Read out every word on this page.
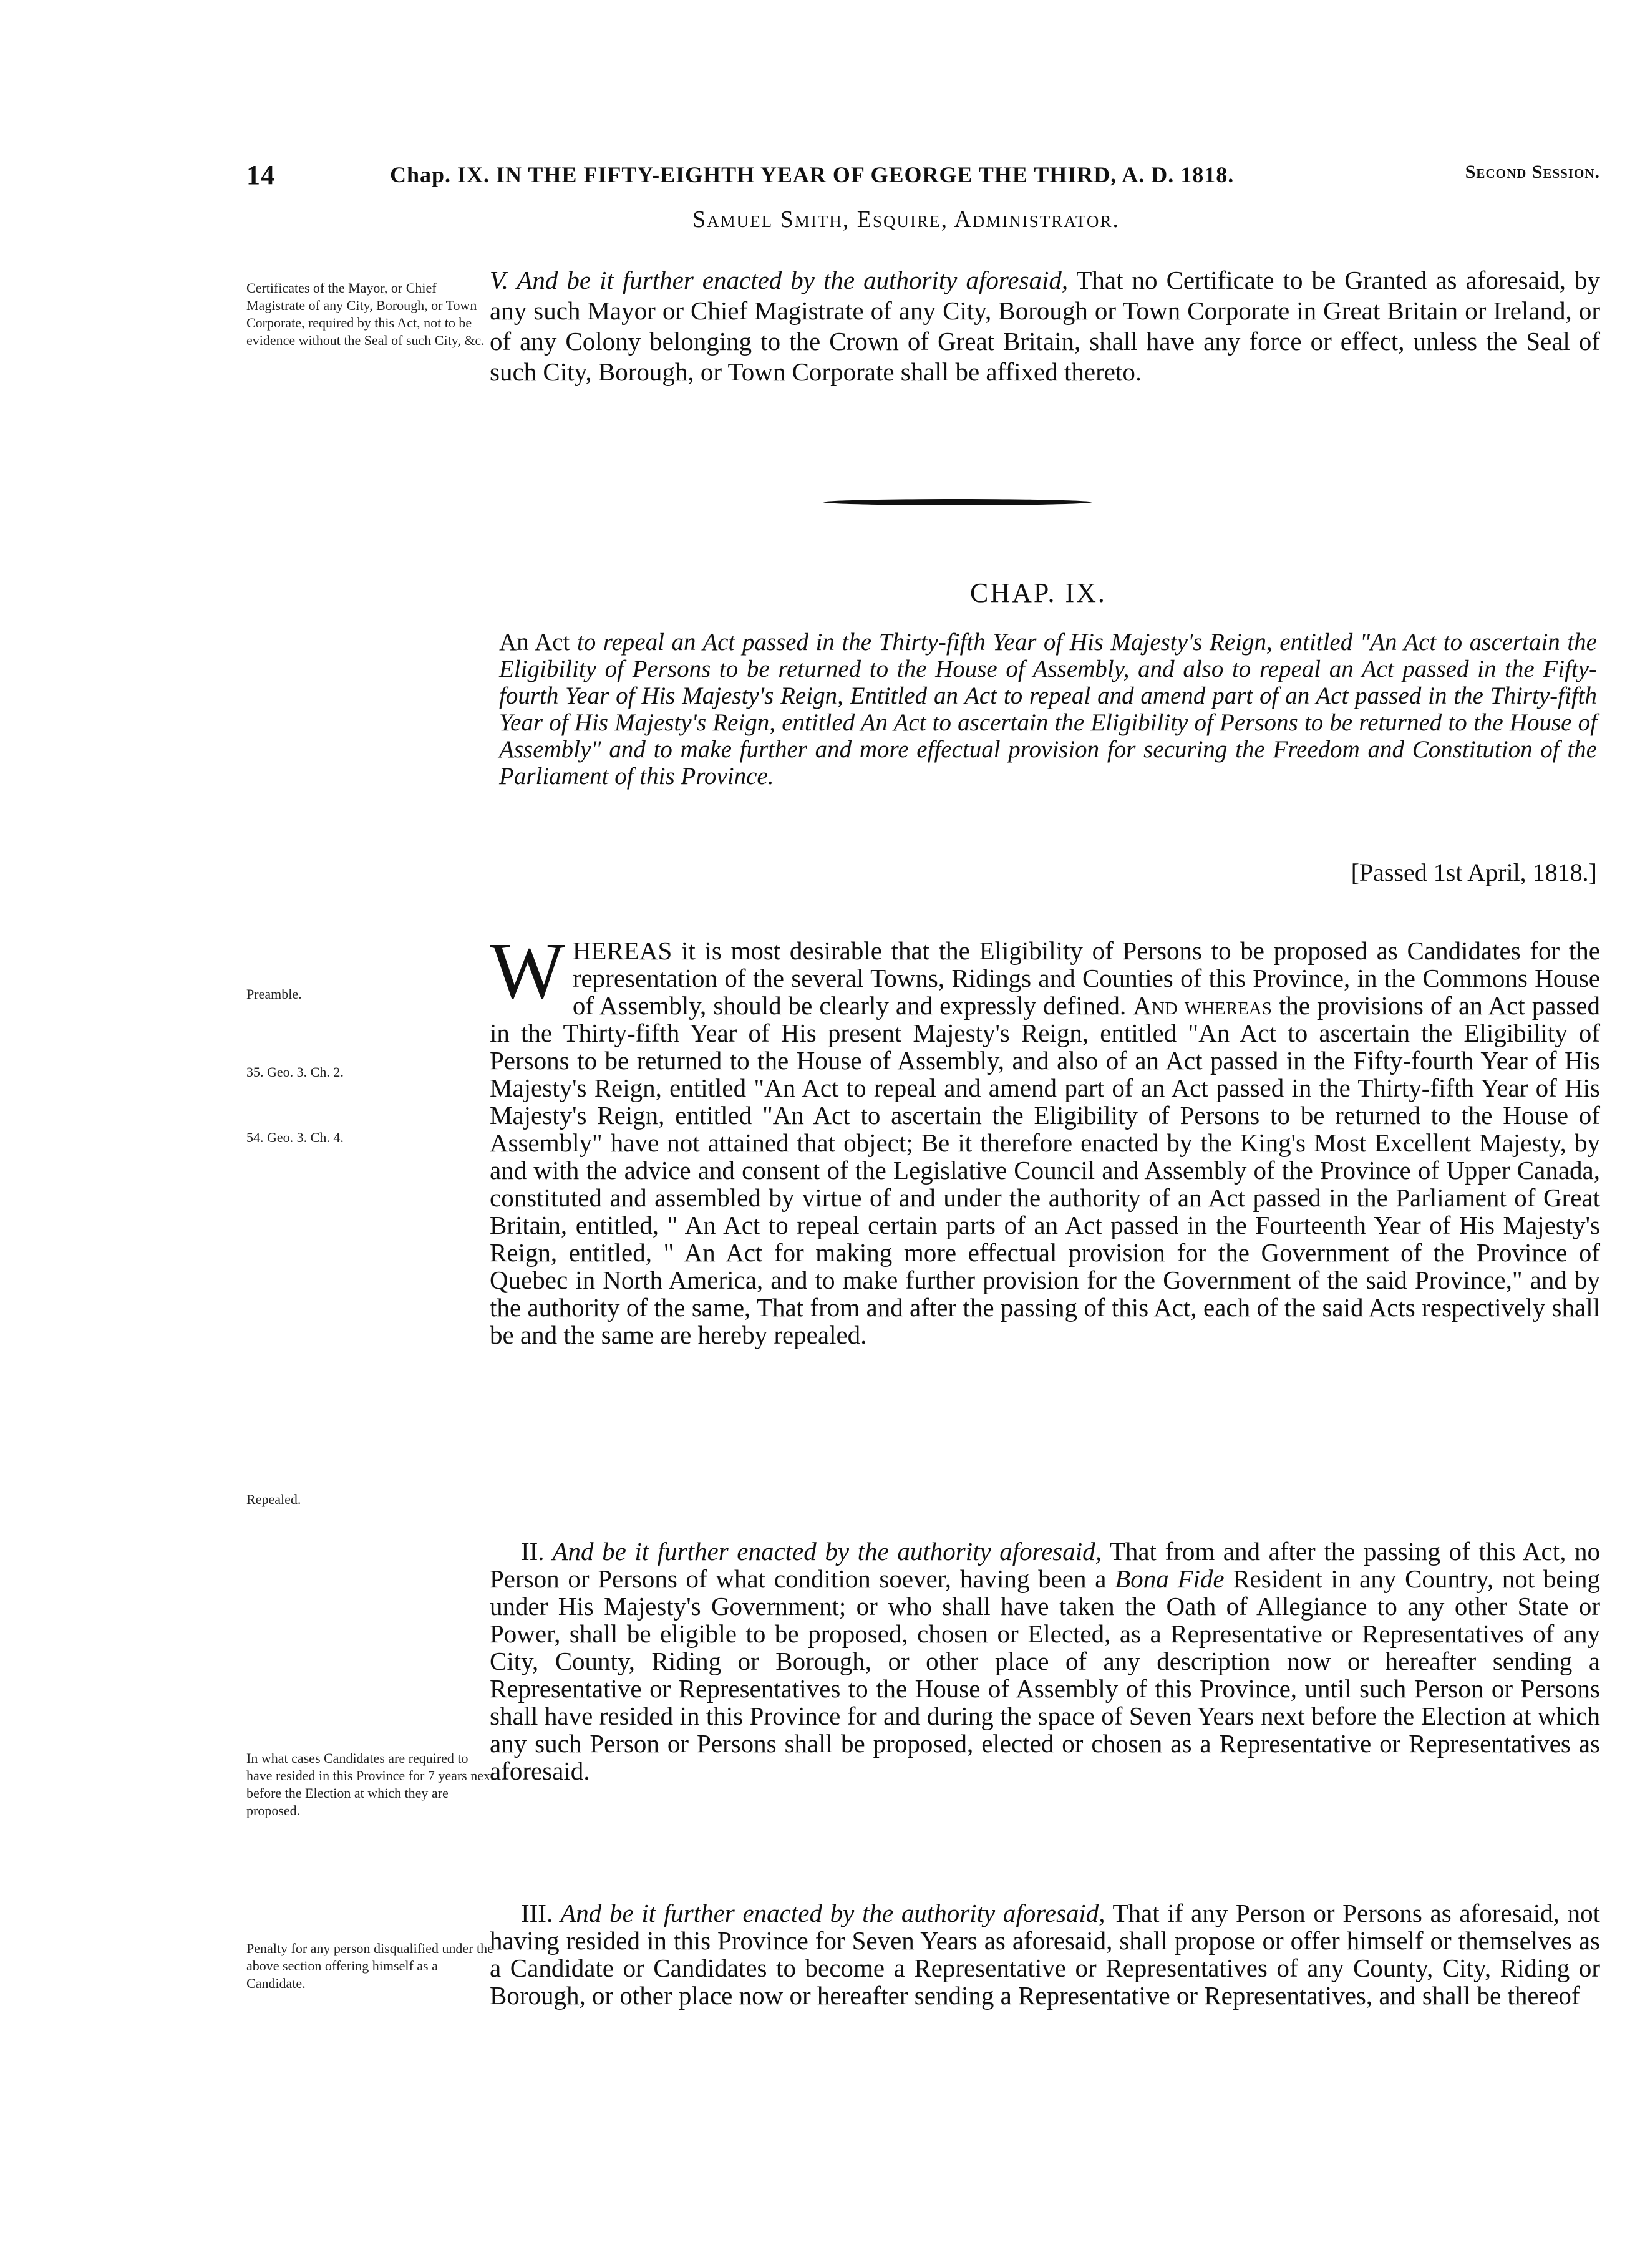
14	Chap. IX. IN THE FIFTY-EIGHTH YEAR OF GEORGE THE THIRD, A. D. 1818.	Second Session.
Samuel Smith, Esquire, Administrator.
Certificates of the Mayor, or Chief Magistrate of any City, Borough, or Town Corporate, required by this Act, not to be evidence without the Seal of such City, &c.
V. And be it further enacted by the authority aforesaid, That no Certificate to be Granted as aforesaid, by any such Mayor or Chief Magistrate of any City, Borough or Town Corporate in Great Britain or Ireland, or of any Colony belonging to the Crown of Great Britain, shall have any force or effect, unless the Seal of such City, Borough, or Town Corporate shall be affixed thereto.
CHAP. IX.
An Act to repeal an Act passed in the Thirty-fifth Year of His Majesty's Reign, entitled "An Act to ascertain the Eligibility of Persons to be returned to the House of Assembly, and also to repeal an Act passed in the Fifty-fourth Year of His Majesty's Reign, Entitled an Act to repeal and amend part of an Act passed in the Thirty-fifth Year of His Majesty's Reign, entitled An Act to ascertain the Eligibility of Persons to be returned to the House of Assembly" and to make further and more effectual provision for securing the Freedom and Constitution of the Parliament of this Province.
[Passed 1st April, 1818.]
Preamble.
35. Geo. 3. Ch. 2.
54. Geo. 3. Ch. 4.
Repealed.
WHEREAS it is most desirable that the Eligibility of Persons to be proposed as Candidates for the representation of the several Towns, Ridings and Counties of this Province, in the Commons House of Assembly, should be clearly and expressly defined. And whereas the provisions of an Act passed in the Thirty-fifth Year of His present Majesty's Reign, entitled "An Act to ascertain the Eligibility of Persons to be returned to the House of Assembly, and also of an Act passed in the Fifty-fourth Year of His Majesty's Reign, entitled "An Act to repeal and amend part of an Act passed in the Thirty-fifth Year of His Majesty's Reign, entitled "An Act to ascertain the Eligibility of Persons to be returned to the House of Assembly" have not attained that object; Be it therefore enacted by the King's Most Excellent Majesty, by and with the advice and consent of the Legislative Council and Assembly of the Province of Upper Canada, constituted and assembled by virtue of and under the authority of an Act passed in the Parliament of Great Britain, entitled, " An Act to repeal certain parts of an Act passed in the Fourteenth Year of His Majesty's Reign, entitled, " An Act for making more effectual provision for the Government of the Province of Quebec in North America, and to make further provision for the Government of the said Province," and by the authority of the same, That from and after the passing of this Act, each of the said Acts respectively shall be and the same are hereby repealed.
In what cases Candidates are required to have resided in this Province for 7 years next before the Election at which they are proposed.
II. And be it further enacted by the authority aforesaid, That from and after the passing of this Act, no Person or Persons of what condition soever, having been a Bona Fide Resident in any Country, not being under His Majesty's Government; or who shall have taken the Oath of Allegiance to any other State or Power, shall be eligible to be proposed, chosen or Elected, as a Representative or Representatives of any City, County, Riding or Borough, or other place of any description now or hereafter sending a Representative or Representatives to the House of Assembly of this Province, until such Person or Persons shall have resided in this Province for and during the space of Seven Years next before the Election at which any such Person or Persons shall be proposed, elected or chosen as a Representative or Representatives as aforesaid.
Penalty for any person disqualified under the above section offering himself as a Candidate.
III. And be it further enacted by the authority aforesaid, That if any Person or Persons as aforesaid, not having resided in this Province for Seven Years as aforesaid, shall propose or offer himself or themselves as a Candidate or Candidates to become a Representative or Representatives of any County, City, Riding or Borough, or other place now or hereafter sending a Representative or Representatives, and shall be thereof
